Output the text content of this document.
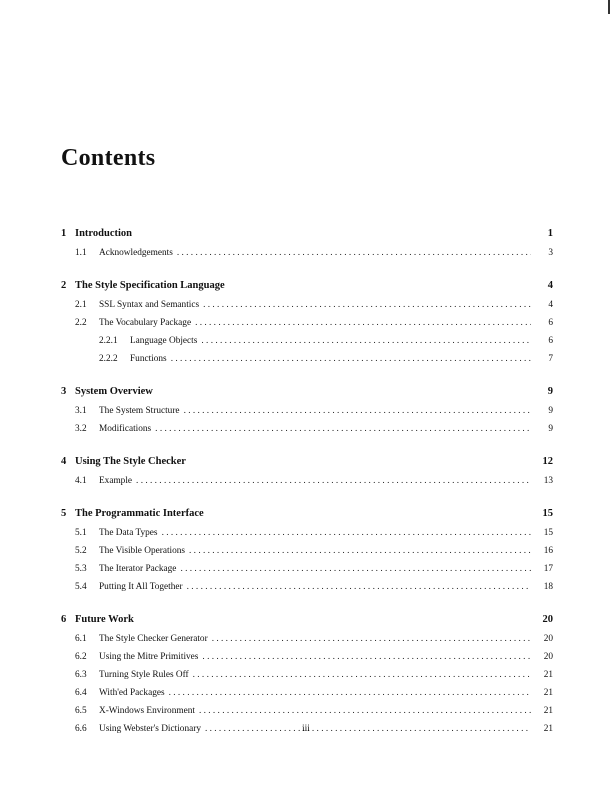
Contents
1 Introduction	1
1.1	Acknowledgements . . .	3
2 The Style Specification Language	4
2.1	SSL Syntax and Semantics . . .	4
2.2	The Vocabulary Package . . .	6
2.2.1	Language Objects . . .	6
2.2.2	Functions . . .	7
3 System Overview	9
3.1	The System Structure . . .	9
3.2	Modifications . . .	9
4 Using The Style Checker	12
4.1	Example . . .	13
5 The Programmatic Interface	15
5.1	The Data Types . . .	15
5.2	The Visible Operations . . .	16
5.3	The Iterator Package . . .	17
5.4	Putting It All Together . . .	18
6 Future Work	20
6.1	The Style Checker Generator . . .	20
6.2	Using the Mitre Primitives . . .	20
6.3	Turning Style Rules Off . . .	21
6.4	With'ed Packages . . .	21
6.5	X-Windows Environment . . .	21
6.6	Using Webster's Dictionary . . .	21
iii
